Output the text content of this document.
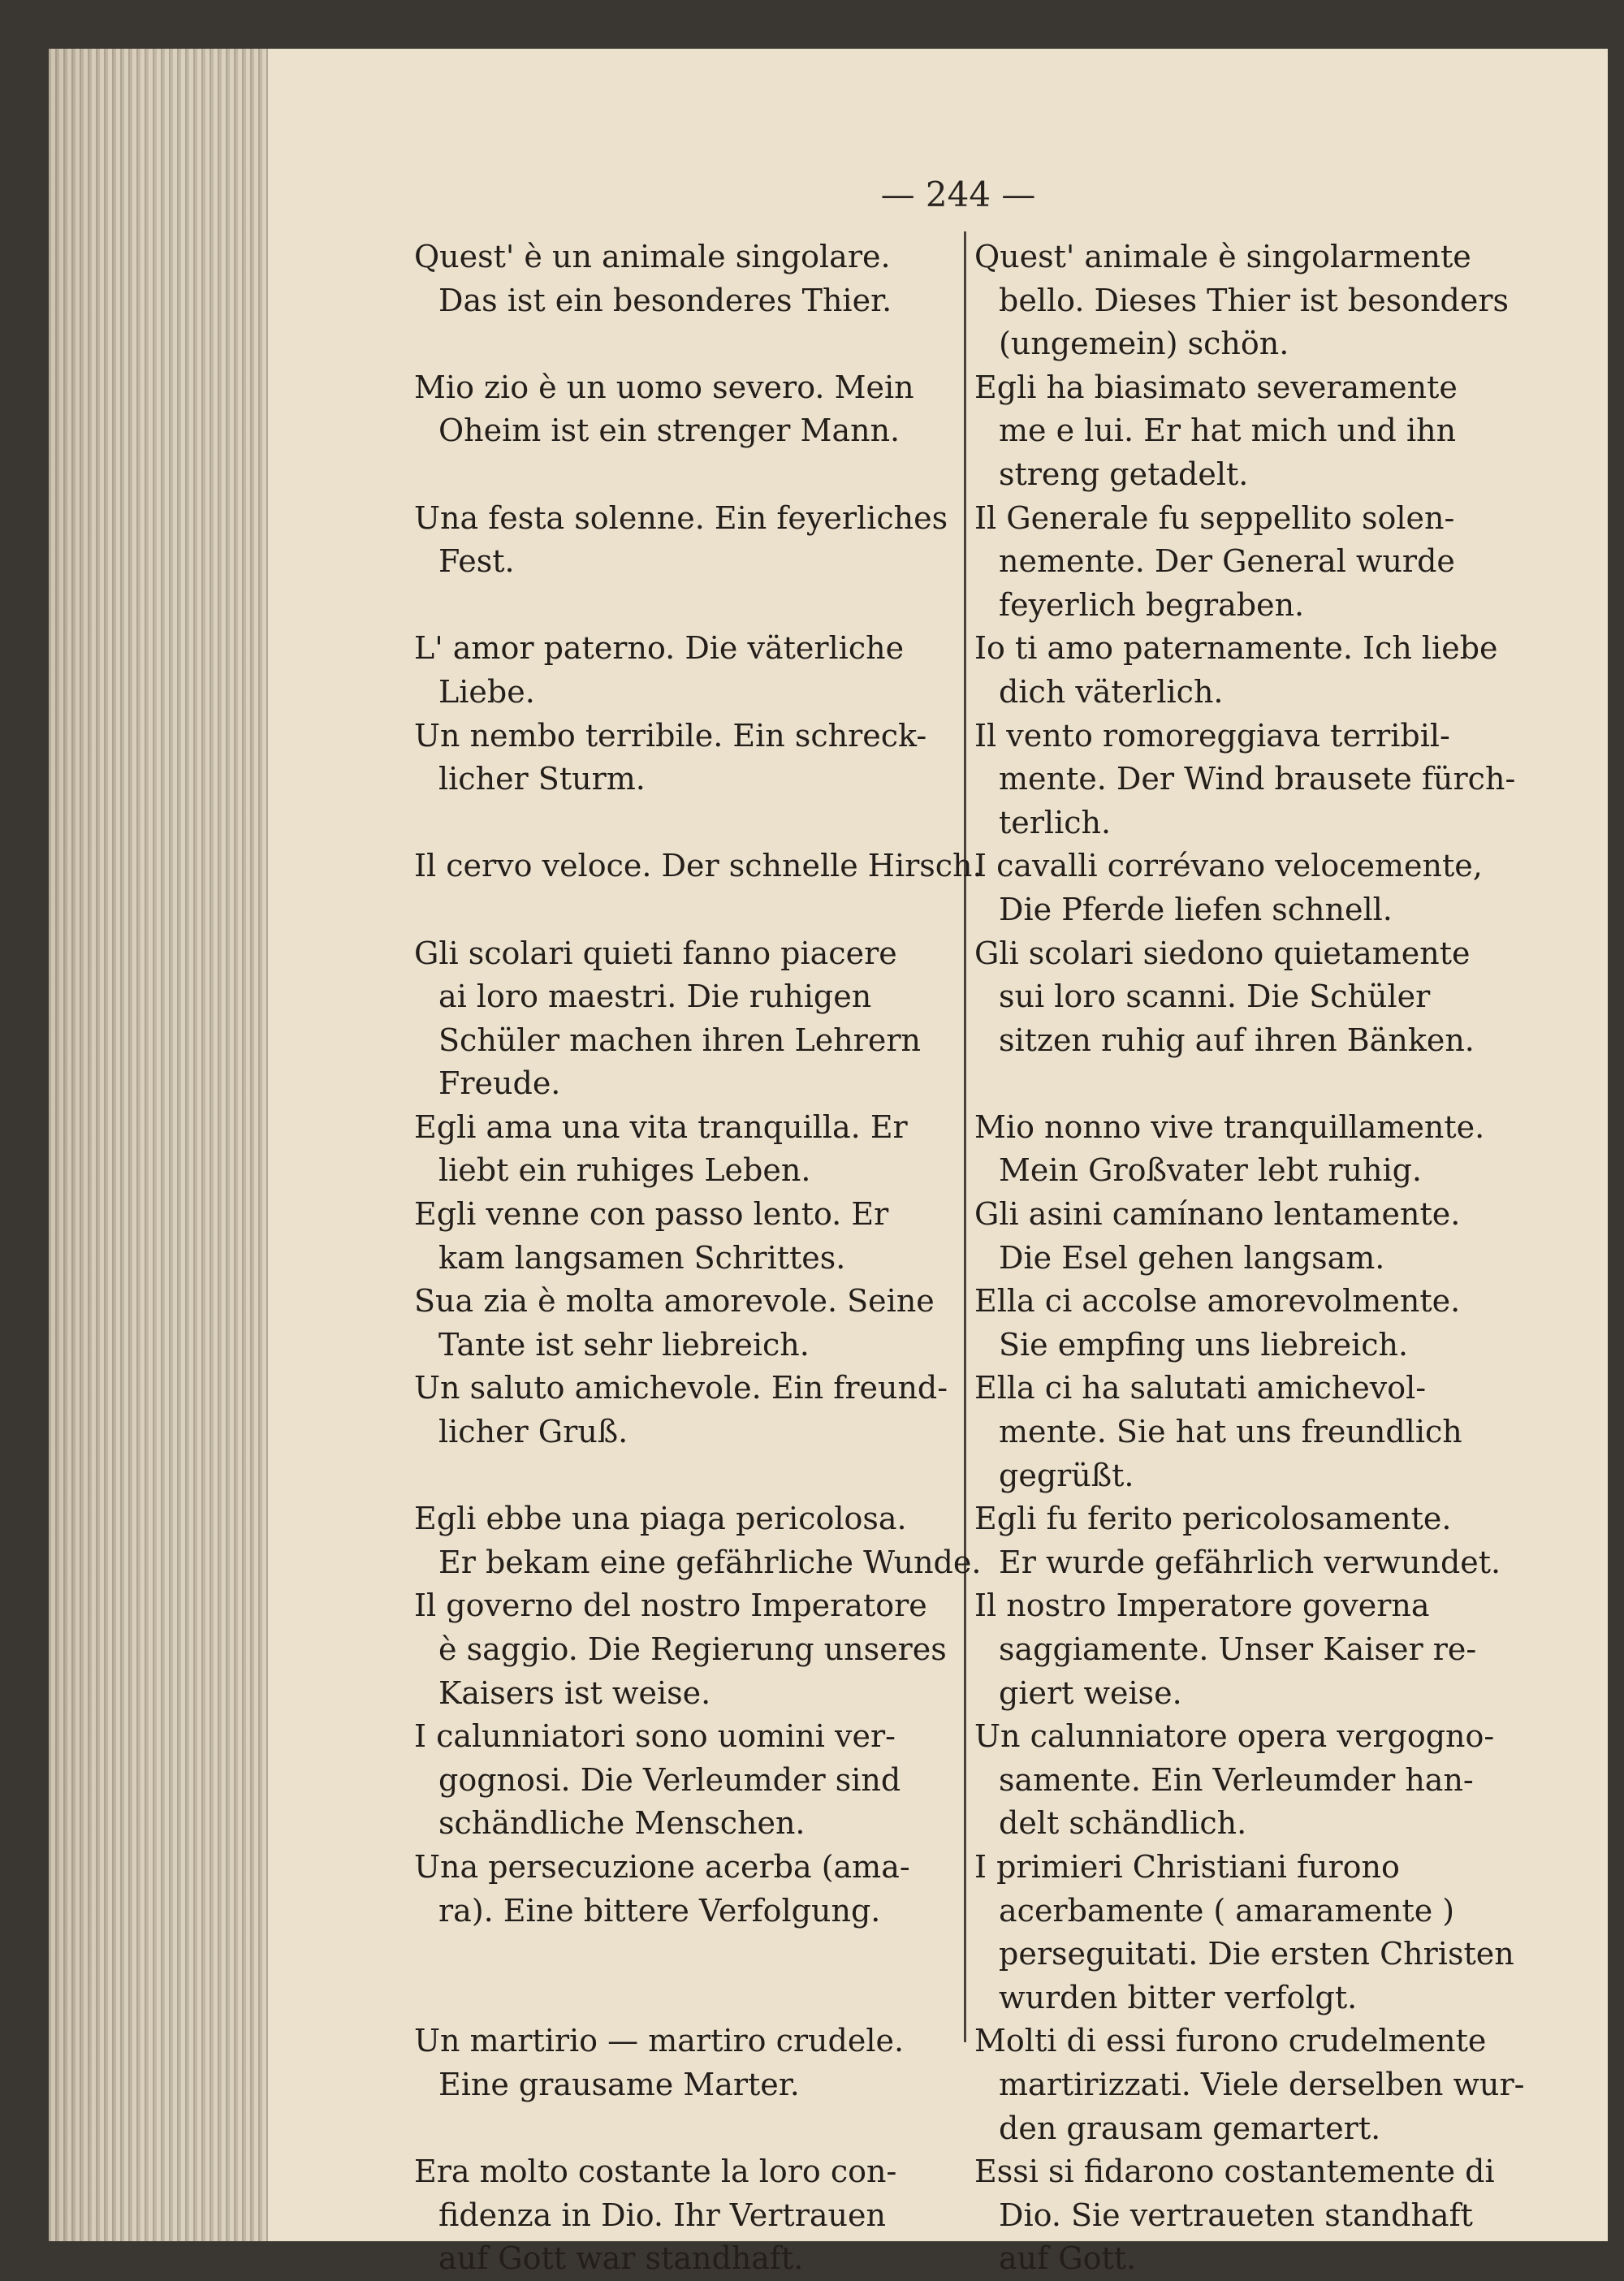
— 244 —
Quest' è un animale singolare.
Das ist ein besonderes Thier.
Mio zio è un uomo severo. Mein
Oheim ist ein strenger Mann.
Una festa solenne. Ein feyerliches
Fest.
L' amor paterno. Die väterliche
Liebe.
Un nembo terribile. Ein schreck-
licher Sturm.
Il cervo veloce. Der schnelle Hirsch.
Gli scolari quieti fanno piacere
ai loro maestri. Die ruhigen
Schüler machen ihren Lehrern
Freude.
Egli ama una vita tranquilla. Er
liebt ein ruhiges Leben.
Egli venne con passo lento. Er
kam langsamen Schrittes.
Sua zia è molta amorevole. Seine
Tante ist sehr liebreich.
Un saluto amichevole. Ein freund-
licher Gruß.
Egli ebbe una piaga pericolosa.
Er bekam eine gefährliche Wunde.
Il governo del nostro Imperatore
è saggio. Die Regierung unseres
Kaisers ist weise.
I calunniatori sono uomini ver-
gognosi. Die Verleumder sind
schändliche Menschen.
Una persecuzione acerba (ama-
ra). Eine bittere Verfolgung.
Un martirio — martiro crudele.
Eine grausame Marter.
Era molto costante la loro con-
fidenza in Dio. Ihr Vertrauen
auf Gott war standhaft.
Quest' animale è singolarmente
bello. Dieses Thier ist besonders
(ungemein) schön.
Egli ha biasimato severamente
me e lui. Er hat mich und ihn
streng getadelt.
Il Generale fu seppellito solen-
nemente. Der General wurde
feyerlich begraben.
Io ti amo paternamente. Ich liebe
dich väterlich.
Il vento romoreggiava terribil-
mente. Der Wind brausete fürch-
terlich.
I cavalli corrévano velocemente,
Die Pferde liefen schnell.
Gli scolari siedono quietamente
sui loro scanni. Die Schüler
sitzen ruhig auf ihren Bänken.
Mio nonno vive tranquillamente.
Mein Großvater lebt ruhig.
Gli asini camínano lentamente.
Die Esel gehen langsam.
Ella ci accolse amorevolmente.
Sie empfing uns liebreich.
Ella ci ha salutati amichevol-
mente. Sie hat uns freundlich
gegrüßt.
Egli fu ferito pericolosamente.
Er wurde gefährlich verwundet.
Il nostro Imperatore governa
saggiamente. Unser Kaiser re-
giert weise.
Un calunniatore opera vergogno-
samente. Ein Verleumder han-
delt schändlich.
I primieri Christiani furono
acerbamente ( amaramente )
perseguitati. Die ersten Christen
wurden bitter verfolgt.
Molti di essi furono crudelmente
martirizzati. Viele derselben wur-
den grausam gemartert.
Essi si fidarono costantemente di
Dio. Sie vertraueten standhaft
auf Gott.
